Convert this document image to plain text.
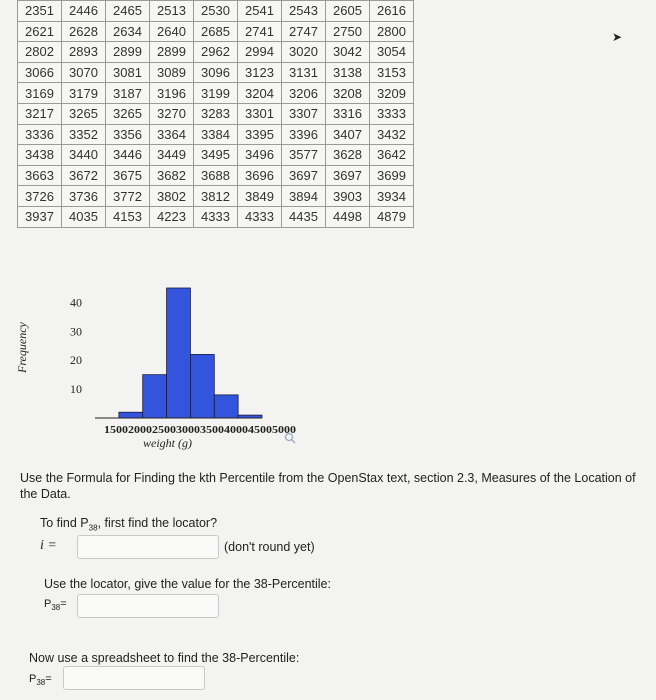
2351	2446	2465	2513	2530	2541	2543	2605	2616
2621	2628	2634	2640	2685	2741	2747	2750	2800
2802	2893	2899	2899	2962	2994	3020	3042	3054
3066	3070	3081	3089	3096	3123	3131	3138	3153
3169	3179	3187	3196	3199	3204	3206	3208	3209
3217	3265	3265	3270	3283	3301	3307	3316	3333
3336	3352	3356	3364	3384	3395	3396	3407	3432
3438	3440	3446	3449	3495	3496	3577	3628	3642
3663	3672	3675	3682	3688	3696	3697	3697	3699
3726	3736	3772	3802	3812	3849	3894	3903	3934
3937	4035	4153	4223	4333	4333	4435	4498	4879
➤
10
20
30
40
15002000250030003500400045005000
weight (g)
Frequency
Use the Formula for Finding the kth Percentile from the OpenStax text, section 2.3, Measures of the Location of the Data.
To find $P_{38}$, first find the locator?
i =	(don't round yet)
Use the locator, give the value for the 38-Percentile:
$P_{38}=$
Now use a spreadsheet to find the 38-Percentile:
$P_{38}=$
